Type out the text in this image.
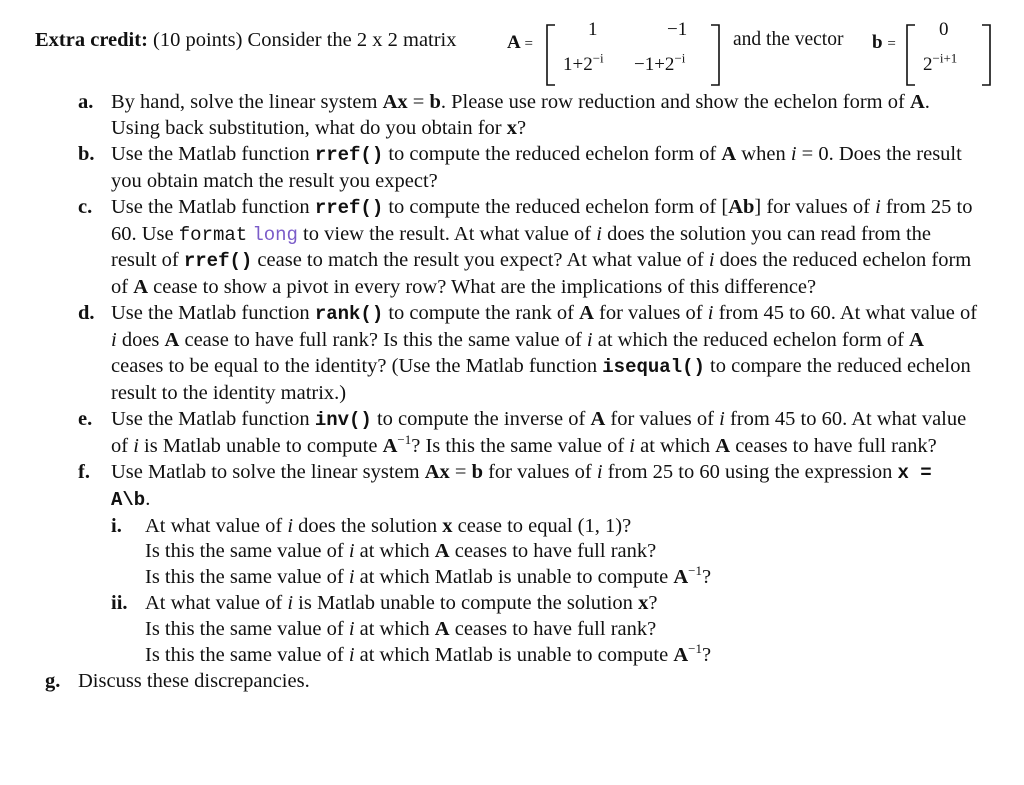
Extra credit: (10 points) Consider the 2 x 2 matrix	A =
1	−1
$1+2^{-i} -1+2^{-i}$
and the vector b =
0
$2^{-i+1}$
a. By hand, solve the linear system Ax = b. Please use row reduction and show the echelon form of A. Using back substitution, what do you obtain for x?
b. Use the Matlab function rref() to compute the reduced echelon form of A when i = 0. Does the result you obtain match the result you expect?
c. Use the Matlab function rref() to compute the reduced echelon form of [Ab] for values of i from 25 to 60. Use format long to view the result. At what value of i does the solution you can read from the result of rref() cease to match the result you expect? At what value of i does the reduced echelon form of A cease to show a pivot in every row? What are the implications of this difference?
d. Use the Matlab function rank() to compute the rank of A for values of i from 45 to 60. At what value of i does A cease to have full rank? Is this the same value of i at which the reduced echelon form of A ceases to be equal to the identity? (Use the Matlab function isequal() to compare the reduced echelon result to the identity matrix.)
e. Use the Matlab function inv() to compute the inverse of A for values of i from 45 to 60. At what value of i is Matlab unable to compute $A^{-1}$? Is this the same value of i at which A ceases to have full rank?
f. Use Matlab to solve the linear system Ax = b for values of i from 25 to 60 using the expression x = A\b.
i. At what value of i does the solution x cease to equal (1, 1)?
Is this the same value of i at which A ceases to have full rank?
Is this the same value of i at which Matlab is unable to compute $A^{-1}$?
ii. At what value of i is Matlab unable to compute the solution x?
Is this the same value of i at which A ceases to have full rank?
Is this the same value of i at which Matlab is unable to compute $A^{-1}$?
g. Discuss these discrepancies.
